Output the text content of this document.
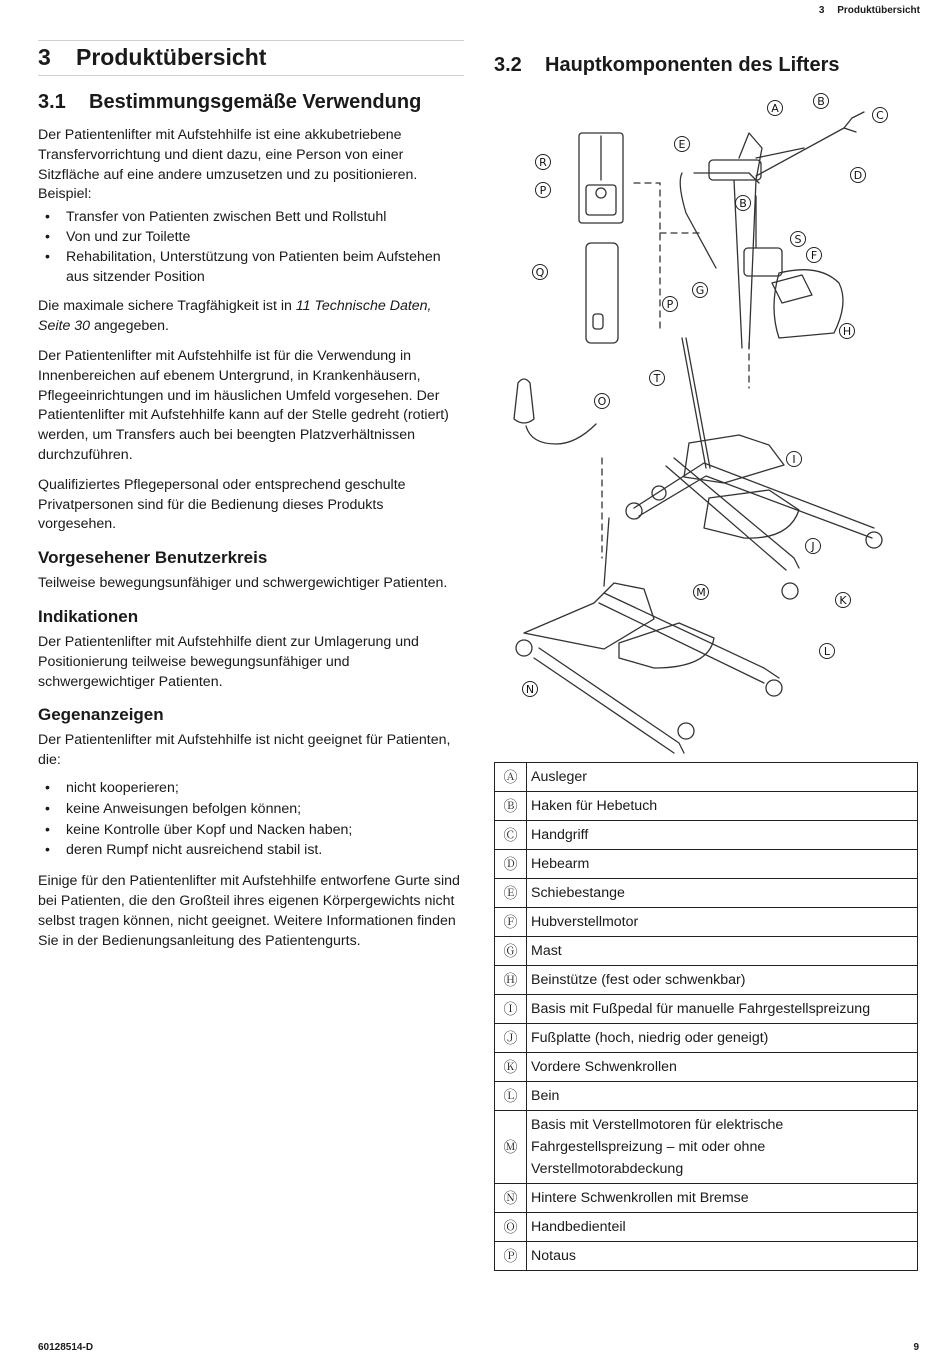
3 Produktübersicht
3 Produktübersicht
3.1 Bestimmungsgemäße Verwendung

Der Patientenlifter mit Aufstehhilfe ist eine akkubetriebene Transfervorrichtung und dient dazu, eine Person von einer Sitzfläche auf eine andere umzusetzen und zu positionieren. Beispiel:

• Transfer von Patienten zwischen Bett und Rollstuhl
• Von und zur Toilette
• Rehabilitation, Unterstützung von Patienten beim Aufstehen aus sitzender Position

Die maximale sichere Tragfähigkeit ist in 11 Technische Daten, Seite 30 angegeben.

Der Patientenlifter mit Aufstehhilfe ist für die Verwendung in Innenbereichen auf ebenem Untergrund, in Krankenhäusern, Pflegeeinrichtungen und im häuslichen Umfeld vorgesehen. Der Patientenlifter mit Aufstehhilfe kann auf der Stelle gedreht (rotiert) werden, um Transfers auch bei beengten Platzverhältnissen durchzuführen.

Qualifiziertes Pflegepersonal oder entsprechend geschulte Privatpersonen sind für die Bedienung dieses Produkts vorgesehen.

Vorgesehener Benutzerkreis

Teilweise bewegungsunfähiger und schwergewichtiger Patienten.

Indikationen

Der Patientenlifter mit Aufstehhilfe dient zur Umlagerung und Positionierung teilweise bewegungsunfähiger und schwergewichtiger Patienten.

Gegenanzeigen

Der Patientenlifter mit Aufstehhilfe ist nicht geeignet für Patienten, die:

• nicht kooperieren;
• keine Anweisungen befolgen können;
• keine Kontrolle über Kopf und Nacken haben;
• deren Rumpf nicht ausreichend stabil ist.

Einige für den Patientenlifter mit Aufstehhilfe entworfene Gurte sind bei Patienten, die den Großteil ihres eigenen Körpergewichts nicht selbst tragen können, nicht geeignet. Weitere Informationen finden Sie in der Bedienungsanleitung des Patientengurts.

3.2 Hauptkomponenten des Lifters
A
B
C
D
E
B
R
P
S
F
G
H
Q
P
T
O
I
J
M
K
L
N
Ⓐ	Ausleger
Ⓑ	Haken für Hebetuch
Ⓒ	Handgriff
Ⓓ	Hebearm
Ⓔ	Schiebestange
Ⓕ	Hubverstellmotor
Ⓖ	Mast
Ⓗ	Beinstütze (fest oder schwenkbar)
Ⓘ	Basis mit Fußpedal für manuelle Fahrgestellspreizung
Ⓙ	Fußplatte (hoch, niedrig oder geneigt)
Ⓚ	Vordere Schwenkrollen
Ⓛ	Bein
Ⓜ	Basis mit Verstellmotoren für elektrische Fahrgestellspreizung – mit oder ohne Verstellmotorabdeckung
Ⓝ	Hintere Schwenkrollen mit Bremse
Ⓞ	Handbedienteil
Ⓟ	Notaus
60128514-D	9
